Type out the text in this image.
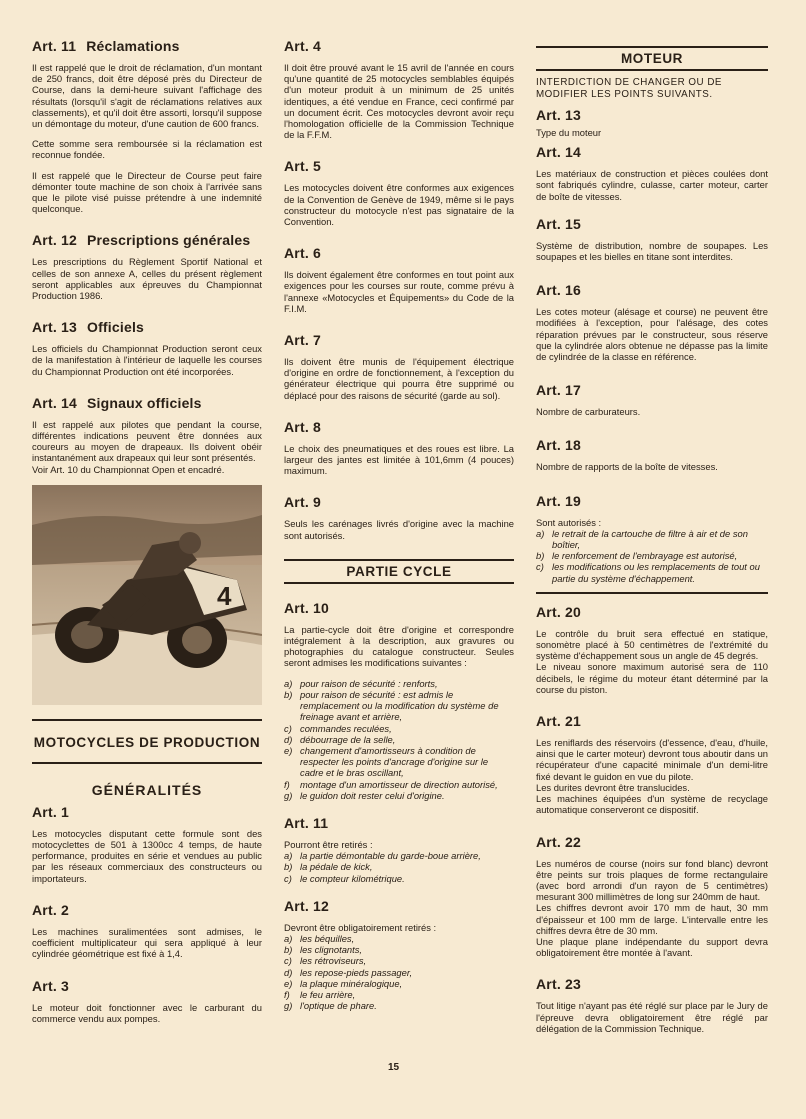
Art. 11 Réclamations

Il est rappelé que le droit de réclamation, d'un montant de 250 francs, doit être déposé près du Directeur de Course, dans la demi-heure suivant l'affichage des résultats (lorsqu'il s'agit de réclamations relatives aux classements), et qu'il doit être assorti, lorsqu'il suppose un démontage du moteur, d'une caution de 600 francs.

Cette somme sera remboursée si la réclamation est reconnue fondée.

Il est rappelé que le Directeur de Course peut faire démonter toute machine de son choix à l'arrivée sans que le pilote visé puisse prétendre à une indemnité quelconque.

Art. 12 Prescriptions générales

Les prescriptions du Règlement Sportif National et celles de son annexe A, celles du présent règlement seront applicables aux épreuves du Championnat Production 1986.

Art. 13 Officiels

Les officiels du Championnat Production seront ceux de la manifestation à l'intérieur de laquelle les courses du Championnat Production ont été incorporées.

Art. 14 Signaux officiels

Il est rappelé aux pilotes que pendant la course, différentes indications peuvent être données aux coureurs au moyen de drapeaux. Ils doivent obéir instantanément aux drapeaux qui leur sont présentés.

Voir Art. 10 du Championnat Open et encadré.

4
MOTOCYCLES DE PRODUCTION
GÉNÉRALITÉS
Art. 1

Les motocycles disputant cette formule sont des motocyclettes de 501 à 1300cc 4 temps, de haute performance, produites en série et vendues au public par les réseaux commerciaux des constructeurs ou importateurs.

Art. 2

Les machines suralimentées sont admises, le coefficient multiplicateur qui sera appliqué à leur cylindrée géométrique est fixé à 1,4.

Art. 3

Le moteur doit fonctionner avec le carburant du commerce vendu aux pompes.

Art. 4

Il doit être prouvé avant le 15 avril de l'année en cours qu'une quantité de 25 motocycles semblables équipés d'un moteur produit à un minimum de 25 unités identiques, a été vendue en France, ceci confirmé par un document écrit. Ces motocycles devront avoir reçu l'homologation officielle de la Commission Technique de la F.F.M.

Art. 5

Les motocycles doivent être conformes aux exigences de la Convention de Genève de 1949, même si le pays constructeur du motocycle n'est pas signataire de la Convention.

Art. 6

Ils doivent également être conformes en tout point aux exigences pour les courses sur route, comme prévu à l'annexe «Motocycles et Équipements» du Code de la F.I.M.

Art. 7

Ils doivent être munis de l'équipement électrique d'origine en ordre de fonctionnement, à l'exception du générateur électrique qui pourra être supprimé ou déplacé pour des raisons de sécurité (garde au sol).

Art. 8

Le choix des pneumatiques et des roues est libre. La largeur des jantes est limitée à 101,6mm (4 pouces) maximum.

Art. 9

Seuls les carénages livrés d'origine avec la machine sont autorisés.

PARTIE CYCLE
Art. 10

La partie-cycle doit être d'origine et correspondre intégralement à la description, aux gravures ou photographies du catalogue constructeur. Seules seront admises les modifications suivantes :

a) pour raison de sécurité : renforts,
b) pour raison de sécurité : est admis le remplacement ou la modification du système de freinage avant et arrière,
c) commandes reculées,
d) débourrage de la selle,
e) changement d'amortisseurs à condition de respecter les points d'ancrage d'origine sur le cadre et le bras oscillant,
f)	montage d'un amortisseur de direction autorisé,
g) le guidon doit rester celui d'origine.
Art. 11

Pourront être retirés :

a) la partie démontable du garde-boue arrière,
b) la pédale de kick,
c) le compteur kilométrique.
Art. 12

Devront être obligatoirement retirés :

a) les béquilles,
b) les clignotants,
c) les rétroviseurs,
d) les repose-pieds passager,
e) la plaque minéralogique,
f)	le feu arrière,
g) l'optique de phare.
MOTEUR
INTERDICTION DE CHANGER OU DE MODIFIER LES POINTS SUIVANTS.
Art. 13

Type du moteur

Art. 14

Les matériaux de construction et pièces coulées dont sont fabriqués cylindre, culasse, carter moteur, carter de boîte de vitesses.

Art. 15

Système de distribution, nombre de soupapes. Les soupapes et les bielles en titane sont interdites.

Art. 16

Les cotes moteur (alésage et course) ne peuvent être modifiées à l'exception, pour l'alésage, des cotes réparation prévues par le constructeur, sous réserve que la cylindrée alors obtenue ne dépasse pas la limite de cylindrée de la classe en référence.

Art. 17

Nombre de carburateurs.

Art. 18

Nombre de rapports de la boîte de vitesses.

Art. 19

Sont autorisés :

a) le retrait de la cartouche de filtre à air et de son boîtier,
b) le renforcement de l'embrayage est autorisé,
c) les modifications ou les remplacements de tout ou partie du système d'échappement.
Art. 20

Le contrôle du bruit sera effectué en statique, sonomètre placé à 50 centimètres de l'extrémité du système d'échappement sous un angle de 45 degrés.

Le niveau sonore maximum autorisé sera de 110 décibels, le régime du moteur étant déterminé par la course du piston.

Art. 21

Les reniflards des réservoirs (d'essence, d'eau, d'huile, ainsi que le carter moteur) devront tous aboutir dans un récupérateur d'une capacité minimale d'un demi-litre fixé devant le guidon en vue du pilote.

Les durites devront être translucides.

Les machines équipées d'un système de recyclage automatique conserveront ce dispositif.

Art. 22

Les numéros de course (noirs sur fond blanc) devront être peints sur trois plaques de forme rectangulaire (avec bord arrondi d'un rayon de 5 centimètres) mesurant 300 millimètres de long sur 240mm de haut.

Les chiffres devront avoir 170 mm de haut, 30 mm d'épaisseur et 100 mm de large. L'intervalle entre les chiffres devra être de 30 mm.

Une plaque plane indépendante du support devra obligatoirement être montée à l'avant.

Art. 23

Tout litige n'ayant pas été réglé sur place par le Jury de l'épreuve devra obligatoirement être réglé par délégation de la Commission Technique.

15
